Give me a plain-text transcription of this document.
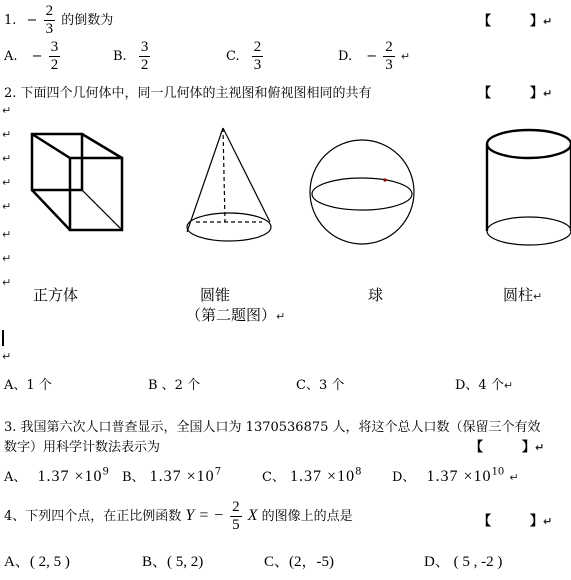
1. − $\frac{2}{3}$ 的倒数为	【　　　】↵
A. − $\frac{3}{2}$	B. $\frac{3}{2}$	C. $\frac{2}{3}$	D. − $\frac{2}{3}$ ↵
2. 下面四个几何体中，同一几何体的主视图和俯视图相同的共有	【　　　】↵
↵
↵
↵
↵
↵
↵
↵
↵
正方体	圆锥	球	圆柱↵
（第二题图）↵
↵
A、1 个	B 、2 个	C、3 个	D、4 个↵
3. 我国第六次人口普查显示，全国人口为 1370536875 人，将这个总人口数（保留三个有效
数字）用科学计数法表示为	【　　　】↵
A、 $1.37 \times 10^9$ B、 $1.37 \times 10^7$	C、 $1.37 \times 10^8$ D、 $1.37 \times 10^{10}$ ↵
4、下列四个点，在正比例函数 Y = − $\frac{2}{5}$ X 的图像上的点是	【　　　】↵
A、( 2, 5 )	B、( 5, 2)	C、(2，-5)	D、 ( 5 , -2 )
